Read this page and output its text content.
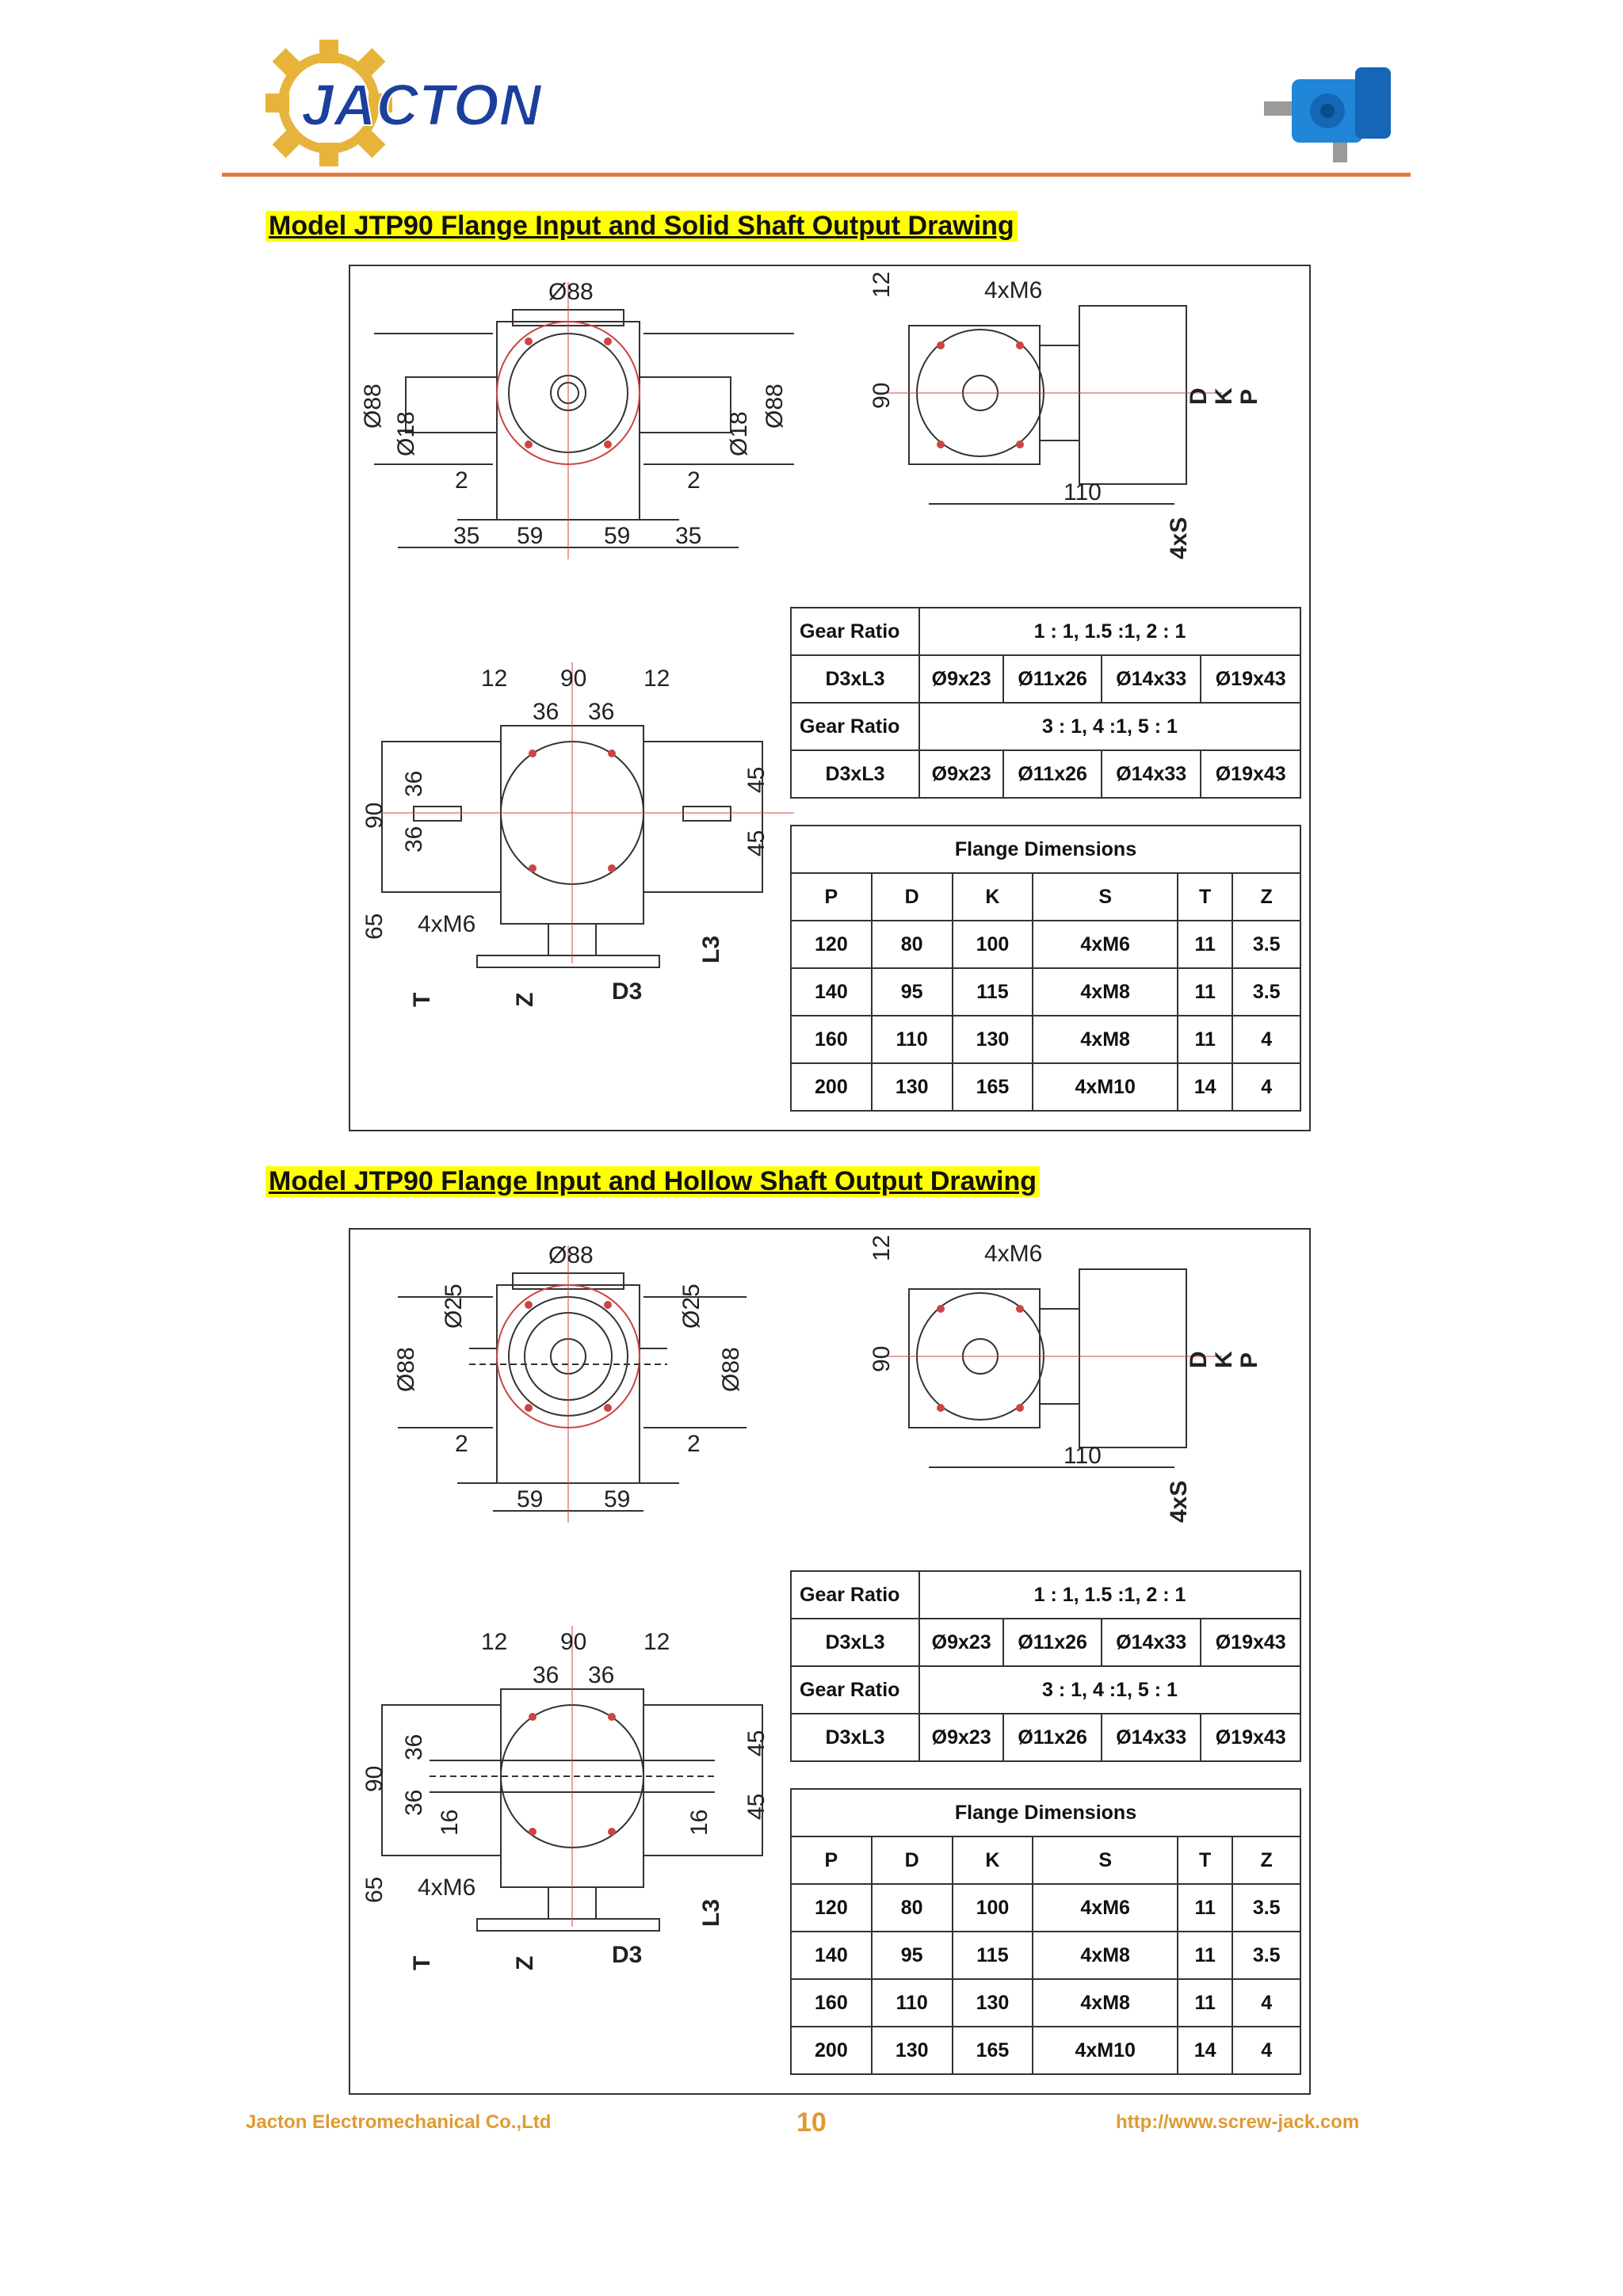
JACTON
Model JTP90 Flange Input and Solid Shaft Output Drawing
Ø88
Ø88
Ø18	Ø18
Ø88
2	2
35 59	59 35
12	4xM6
90
110
D K P
4xS
12 90 12
36 36
90
36
36
45
45
65 4xM6
T	Z	D3
L3
Gear Ratio	1 : 1, 1.5 :1, 2 : 1			
D3xL3	Ø9x23	Ø11x26	Ø14x33	Ø19x43
Gear Ratio	3 : 1, 4 :1, 5 : 1			
D3xL3	Ø9x23	Ø11x26	Ø14x33	Ø19x43
Flange Dimensions					
P	D	K	S	T	Z
120	80	100	4xM6	11	3.5
140	95	115	4xM8	11	3.5
160	110	130	4xM8	11	4
200	130	165	4xM10	14	4
Model JTP90 Flange Input and Hollow Shaft Output Drawing
Ø88
Ø88
Ø25	Ø25
Ø88
2	2
59	59
12	4xM6
90
110
D K P
4xS
12 90 12
36 36
90
36
36
16	16
45
45
65 4xM6
T	Z	D3
L3
Gear Ratio	1 : 1, 1.5 :1, 2 : 1			
D3xL3	Ø9x23	Ø11x26	Ø14x33	Ø19x43
Gear Ratio	3 : 1, 4 :1, 5 : 1			
D3xL3	Ø9x23	Ø11x26	Ø14x33	Ø19x43
Flange Dimensions					
P	D	K	S	T	Z
120	80	100	4xM6	11	3.5
140	95	115	4xM8	11	3.5
160	110	130	4xM8	11	4
200	130	165	4xM10	14	4
Jacton Electromechanical Co.,Ltd	10	http://www.screw-jack.com
